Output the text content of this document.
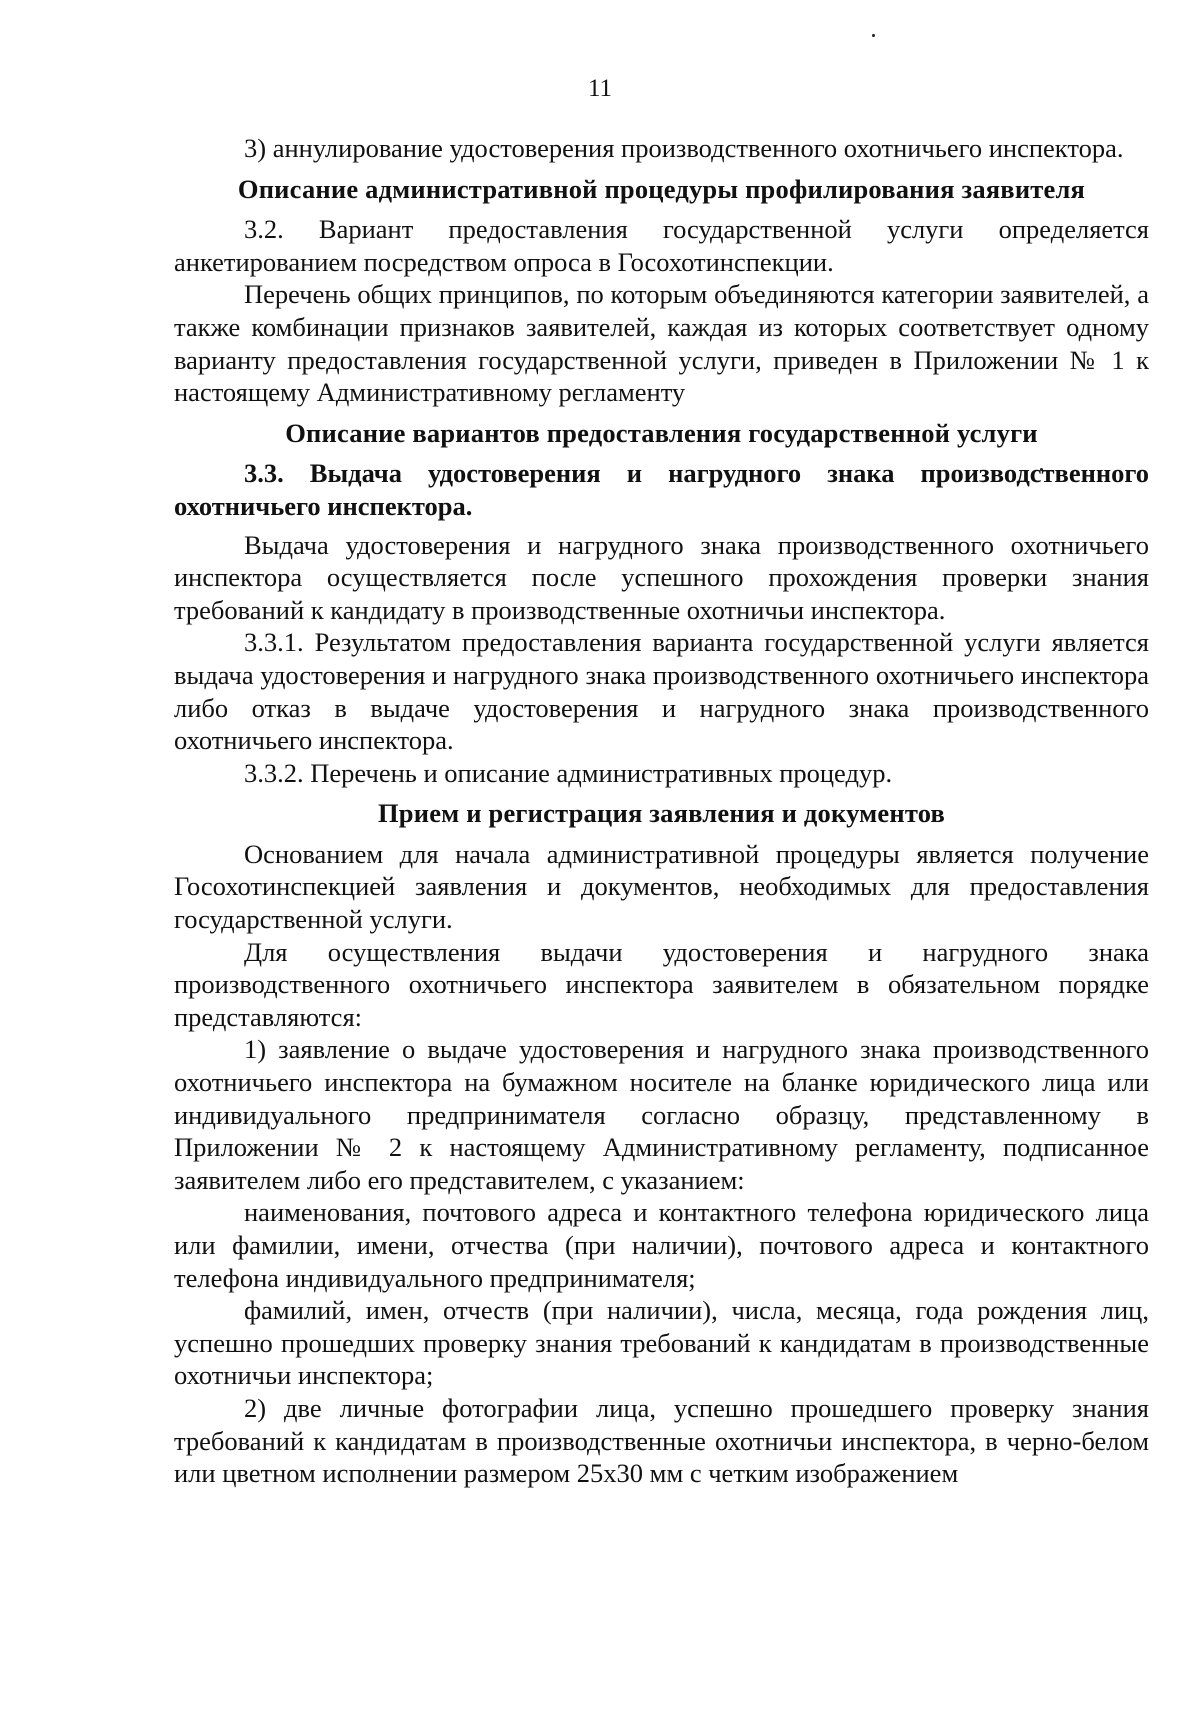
11

3) аннулирование удостоверения производственного охотничьего инспектора.

Описание административной процедуры профилирования заявителя

3.2. Вариант предоставления государственной услуги определяется анкетированием посредством опроса в Госохотинспекции.

Перечень общих принципов, по которым объединяются категории заявителей, а также комбинации признаков заявителей, каждая из которых соответствует одному варианту предоставления государственной услуги, приведен в Приложении № 1 к настоящему Административному регламенту

Описание вариантов предоставления государственной услуги

3.3. Выдача удостоверения и нагрудного знака производственного охотничьего инспектора.

Выдача удостоверения и нагрудного знака производственного охотничьего инспектора осуществляется после успешного прохождения проверки знания требований к кандидату в производственные охотничьи инспектора.

3.3.1. Результатом предоставления варианта государственной услуги является выдача удостоверения и нагрудного знака производственного охотничьего инспектора либо отказ в выдаче удостоверения и нагрудного знака производственного охотничьего инспектора.

3.3.2. Перечень и описание административных процедур.

Прием и регистрация заявления и документов

Основанием для начала административной процедуры является получение Госохотинспекцией заявления и документов, необходимых для предоставления государственной услуги.

Для осуществления выдачи удостоверения и нагрудного знака производственного охотничьего инспектора заявителем в обязательном порядке представляются:

1) заявление о выдаче удостоверения и нагрудного знака производственного охотничьего инспектора на бумажном носителе на бланке юридического лица или индивидуального предпринимателя согласно образцу, представленному в Приложении № 2 к настоящему Административному регламенту, подписанное заявителем либо его представителем, с указанием:

наименования, почтового адреса и контактного телефона юридического лица или фамилии, имени, отчества (при наличии), почтового адреса и контактного телефона индивидуального предпринимателя;

фамилий, имен, отчеств (при наличии), числа, месяца, года рождения лиц, успешно прошедших проверку знания требований к кандидатам в производственные охотничьи инспектора;

2) две личные фотографии лица, успешно прошедшего проверку знания требований к кандидатам в производственные охотничьи инспектора, в черно-белом или цветном исполнении размером 25х30 мм с четким изображением
